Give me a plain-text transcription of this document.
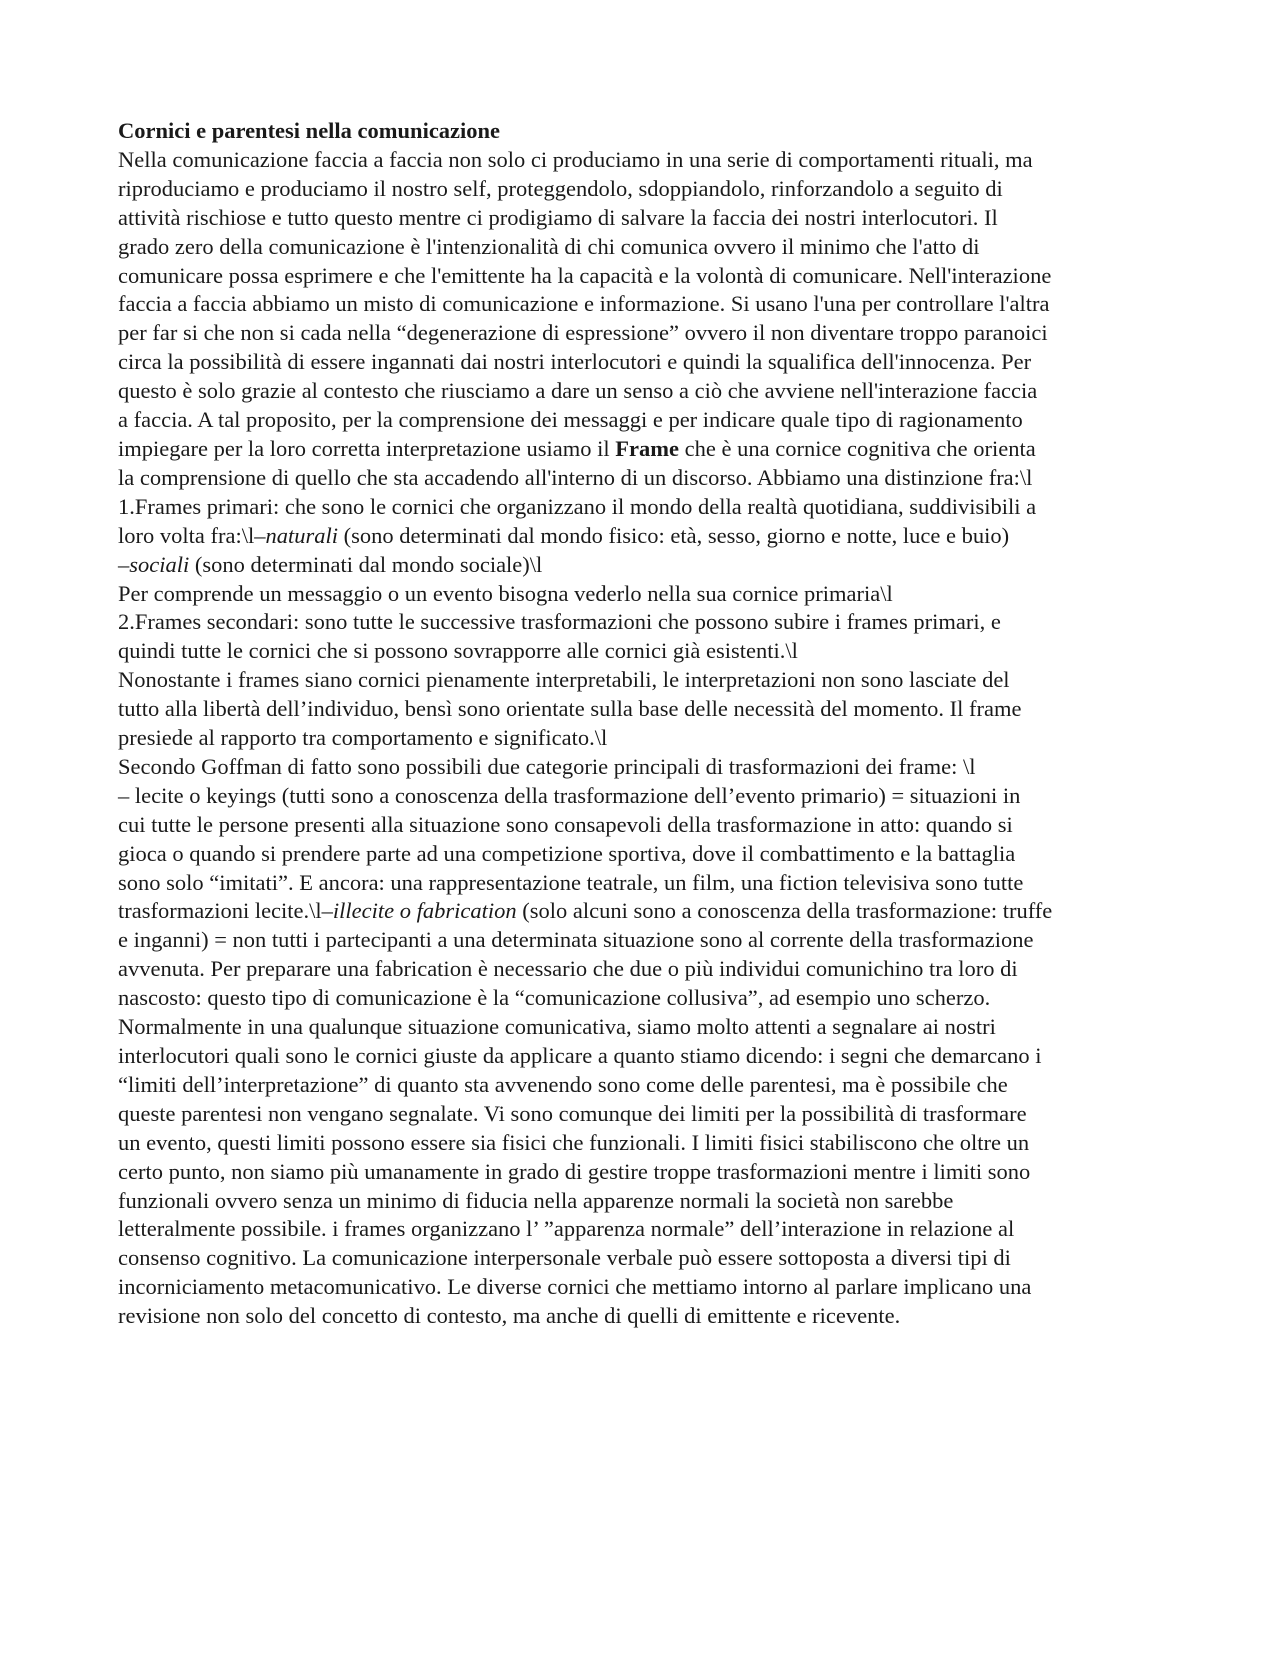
Cornici e parentesi nella comunicazione
Nella comunicazione faccia a faccia non solo ci produciamo in una serie di comportamenti rituali, ma
riproduciamo e produciamo il nostro self, proteggendolo, sdoppiandolo, rinforzandolo a seguito di
attività rischiose e tutto questo mentre ci prodigiamo di salvare la faccia dei nostri interlocutori. Il
grado zero della comunicazione è l'intenzionalità di chi comunica ovvero il minimo che l'atto di
comunicare possa esprimere e che l'emittente ha la capacità e la volontà di comunicare. Nell'interazione
faccia a faccia abbiamo un misto di comunicazione e informazione. Si usano l'una per controllare l'altra
per far si che non si cada nella “degenerazione di espressione” ovvero il non diventare troppo paranoici
circa la possibilità di essere ingannati dai nostri interlocutori e quindi la squalifica dell'innocenza. Per
questo è solo grazie al contesto che riusciamo a dare un senso a ciò che avviene nell'interazione faccia
a faccia. A tal proposito, per la comprensione dei messaggi e per indicare quale tipo di ragionamento
impiegare per la loro corretta interpretazione usiamo il Frame che è una cornice cognitiva che orienta
la comprensione di quello che sta accadendo all'interno di un discorso. Abbiamo una distinzione fra:\l
1.Frames primari: che sono le cornici che organizzano il mondo della realtà quotidiana, suddivisibili a
loro volta fra:\l–naturali (sono determinati dal mondo fisico: età, sesso, giorno e notte, luce e buio)
–sociali (sono determinati dal mondo sociale)\l
Per comprende un messaggio o un evento bisogna vederlo nella sua cornice primaria\l
2.Frames secondari: sono tutte le successive trasformazioni che possono subire i frames primari, e
quindi tutte le cornici che si possono sovrapporre alle cornici già esistenti.\l
Nonostante i frames siano cornici pienamente interpretabili, le interpretazioni non sono lasciate del
tutto alla libertà dell’individuo, bensì sono orientate sulla base delle necessità del momento. Il frame
presiede al rapporto tra comportamento e significato.\l
Secondo Goffman di fatto sono possibili due categorie principali di trasformazioni dei frame: \l
– lecite o keyings (tutti sono a conoscenza della trasformazione dell’evento primario) = situazioni in
cui tutte le persone presenti alla situazione sono consapevoli della trasformazione in atto: quando si
gioca o quando si prendere parte ad una competizione sportiva, dove il combattimento e la battaglia
sono solo “imitati”. E ancora: una rappresentazione teatrale, un film, una fiction televisiva sono tutte
trasformazioni lecite.\l–illecite o fabrication (solo alcuni sono a conoscenza della trasformazione: truffe
e inganni) = non tutti i partecipanti a una determinata situazione sono al corrente della trasformazione
avvenuta. Per preparare una fabrication è necessario che due o più individui comunichino tra loro di
nascosto: questo tipo di comunicazione è la “comunicazione collusiva”, ad esempio uno scherzo.
Normalmente in una qualunque situazione comunicativa, siamo molto attenti a segnalare ai nostri
interlocutori quali sono le cornici giuste da applicare a quanto stiamo dicendo: i segni che demarcano i
“limiti dell’interpretazione” di quanto sta avvenendo sono come delle parentesi, ma è possibile che
queste parentesi non vengano segnalate. Vi sono comunque dei limiti per la possibilità di trasformare
un evento, questi limiti possono essere sia fisici che funzionali. I limiti fisici stabiliscono che oltre un
certo punto, non siamo più umanamente in grado di gestire troppe trasformazioni mentre i limiti sono
funzionali ovvero senza un minimo di fiducia nella apparenze normali la società non sarebbe
letteralmente possibile. i frames organizzano l’ ”apparenza normale” dell’interazione in relazione al
consenso cognitivo. La comunicazione interpersonale verbale può essere sottoposta a diversi tipi di
incorniciamento metacomunicativo. Le diverse cornici che mettiamo intorno al parlare implicano una
revisione non solo del concetto di contesto, ma anche di quelli di emittente e ricevente.
